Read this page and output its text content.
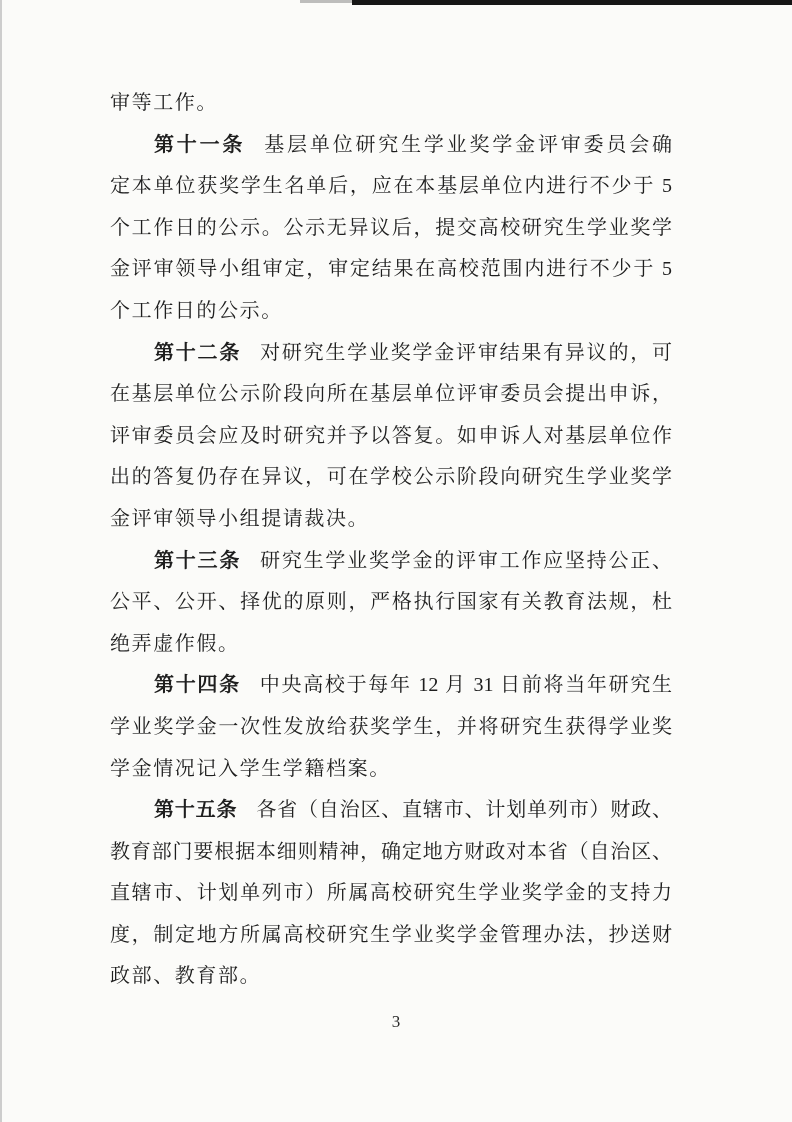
审等工作。
第十一条 基层单位研究生学业奖学金评审委员会确
定本单位获奖学生名单后，应在本基层单位内进行不少于 5
个工作日的公示。公示无异议后，提交高校研究生学业奖学
金评审领导小组审定，审定结果在高校范围内进行不少于 5
个工作日的公示。
第十二条 对研究生学业奖学金评审结果有异议的，可
在基层单位公示阶段向所在基层单位评审委员会提出申诉，
评审委员会应及时研究并予以答复。如申诉人对基层单位作
出的答复仍存在异议，可在学校公示阶段向研究生学业奖学
金评审领导小组提请裁决。
第十三条 研究生学业奖学金的评审工作应坚持公正、
公平、公开、择优的原则，严格执行国家有关教育法规，杜
绝弄虚作假。
第十四条 中央高校于每年 12 月 31 日前将当年研究生
学业奖学金一次性发放给获奖学生，并将研究生获得学业奖
学金情况记入学生学籍档案。
第十五条 各省（自治区、直辖市、计划单列市）财政、
教育部门要根据本细则精神，确定地方财政对本省（自治区、
直辖市、计划单列市）所属高校研究生学业奖学金的支持力
度，制定地方所属高校研究生学业奖学金管理办法，抄送财
政部、教育部。
3
